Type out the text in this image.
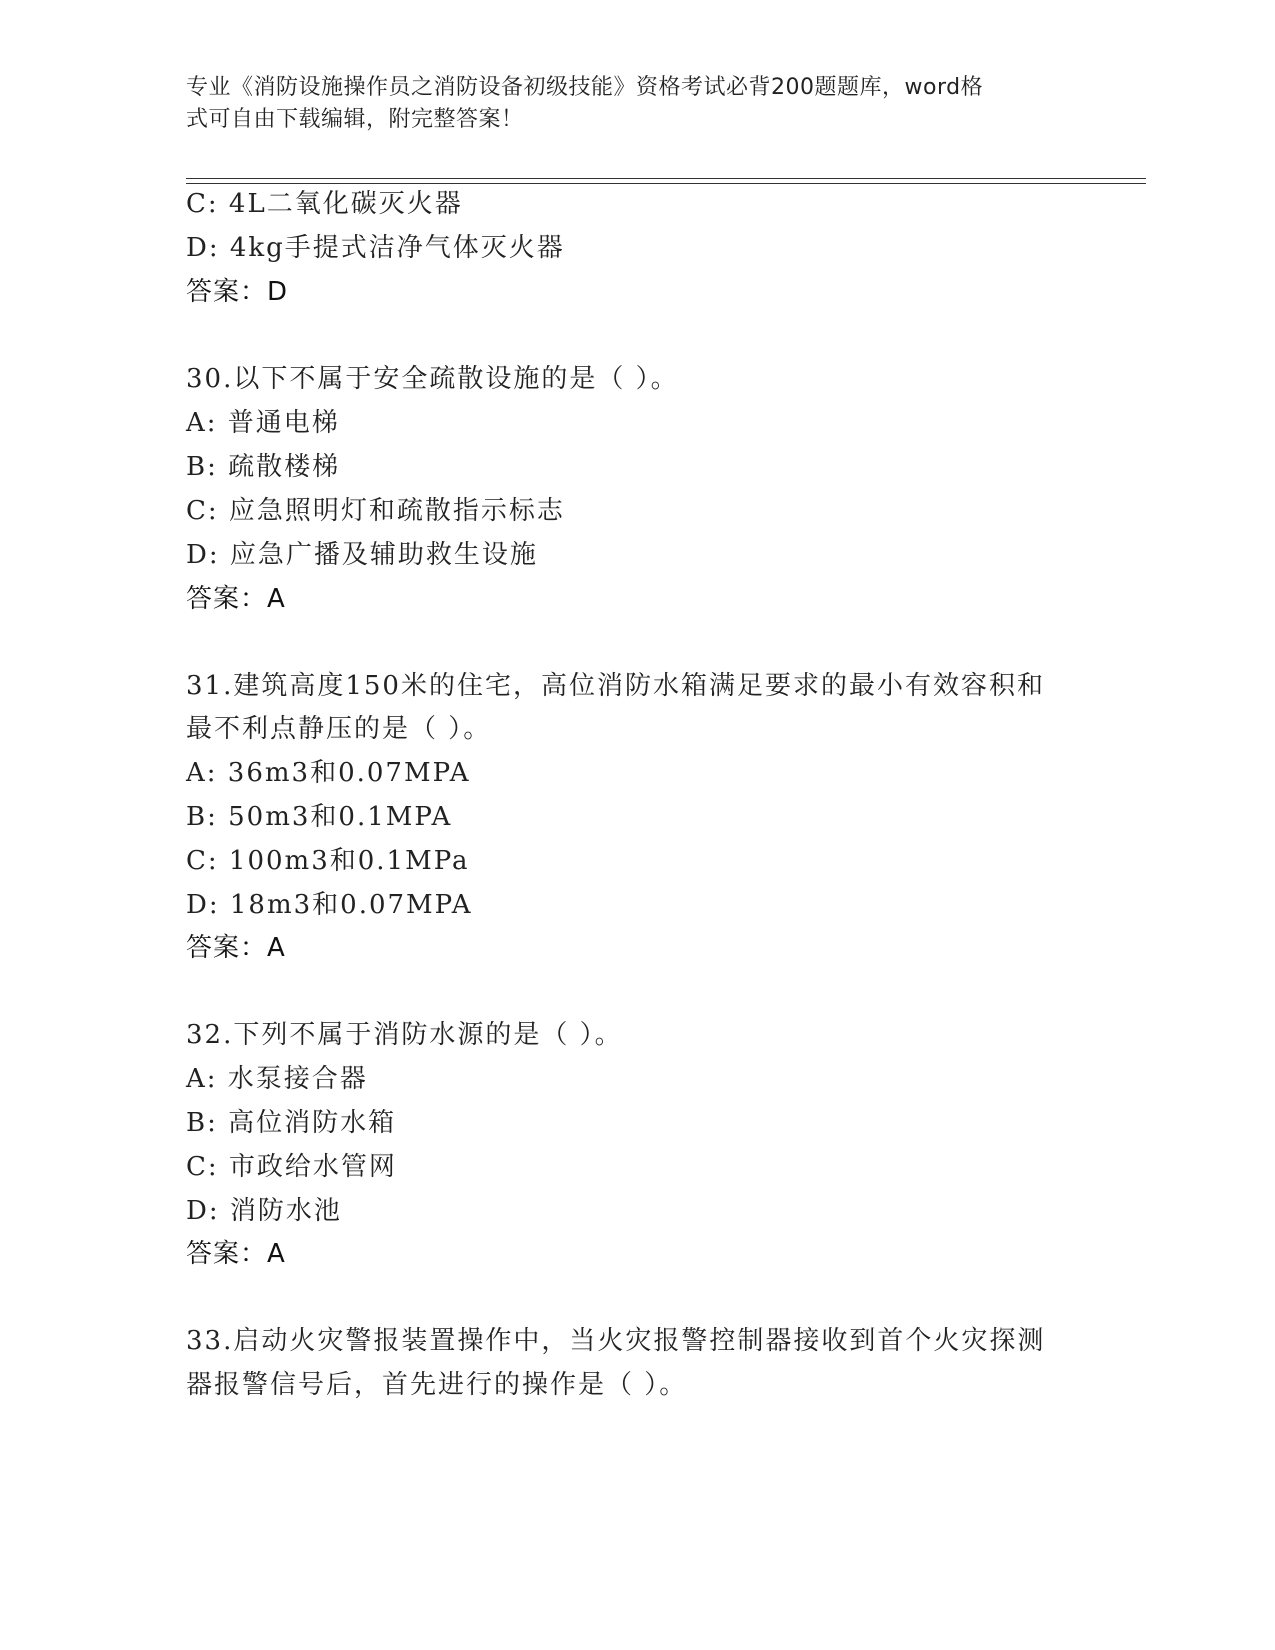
专业《消防设施操作员之消防设备初级技能》资格考试必背200题题库，word格
式可自由下载编辑，附完整答案！
C: 4L二氧化碳灭火器
D: 4kg手提式洁净气体灭火器
答案：D
30.以下不属于安全疏散设施的是（ ）。
A: 普通电梯
B: 疏散楼梯
C: 应急照明灯和疏散指示标志
D: 应急广播及辅助救生设施
答案：A
31.建筑高度150米的住宅，高位消防水箱满足要求的最小有效容积和
最不利点静压的是（ ）。
A: 36m3和0.07MPA
B: 50m3和0.1MPA
C: 100m3和0.1MPa
D: 18m3和0.07MPA
答案：A
32.下列不属于消防水源的是（ ）。
A: 水泵接合器
B: 高位消防水箱
C: 市政给水管网
D: 消防水池
答案：A
33.启动火灾警报装置操作中，当火灾报警控制器接收到首个火灾探测
器报警信号后，首先进行的操作是（ ）。
